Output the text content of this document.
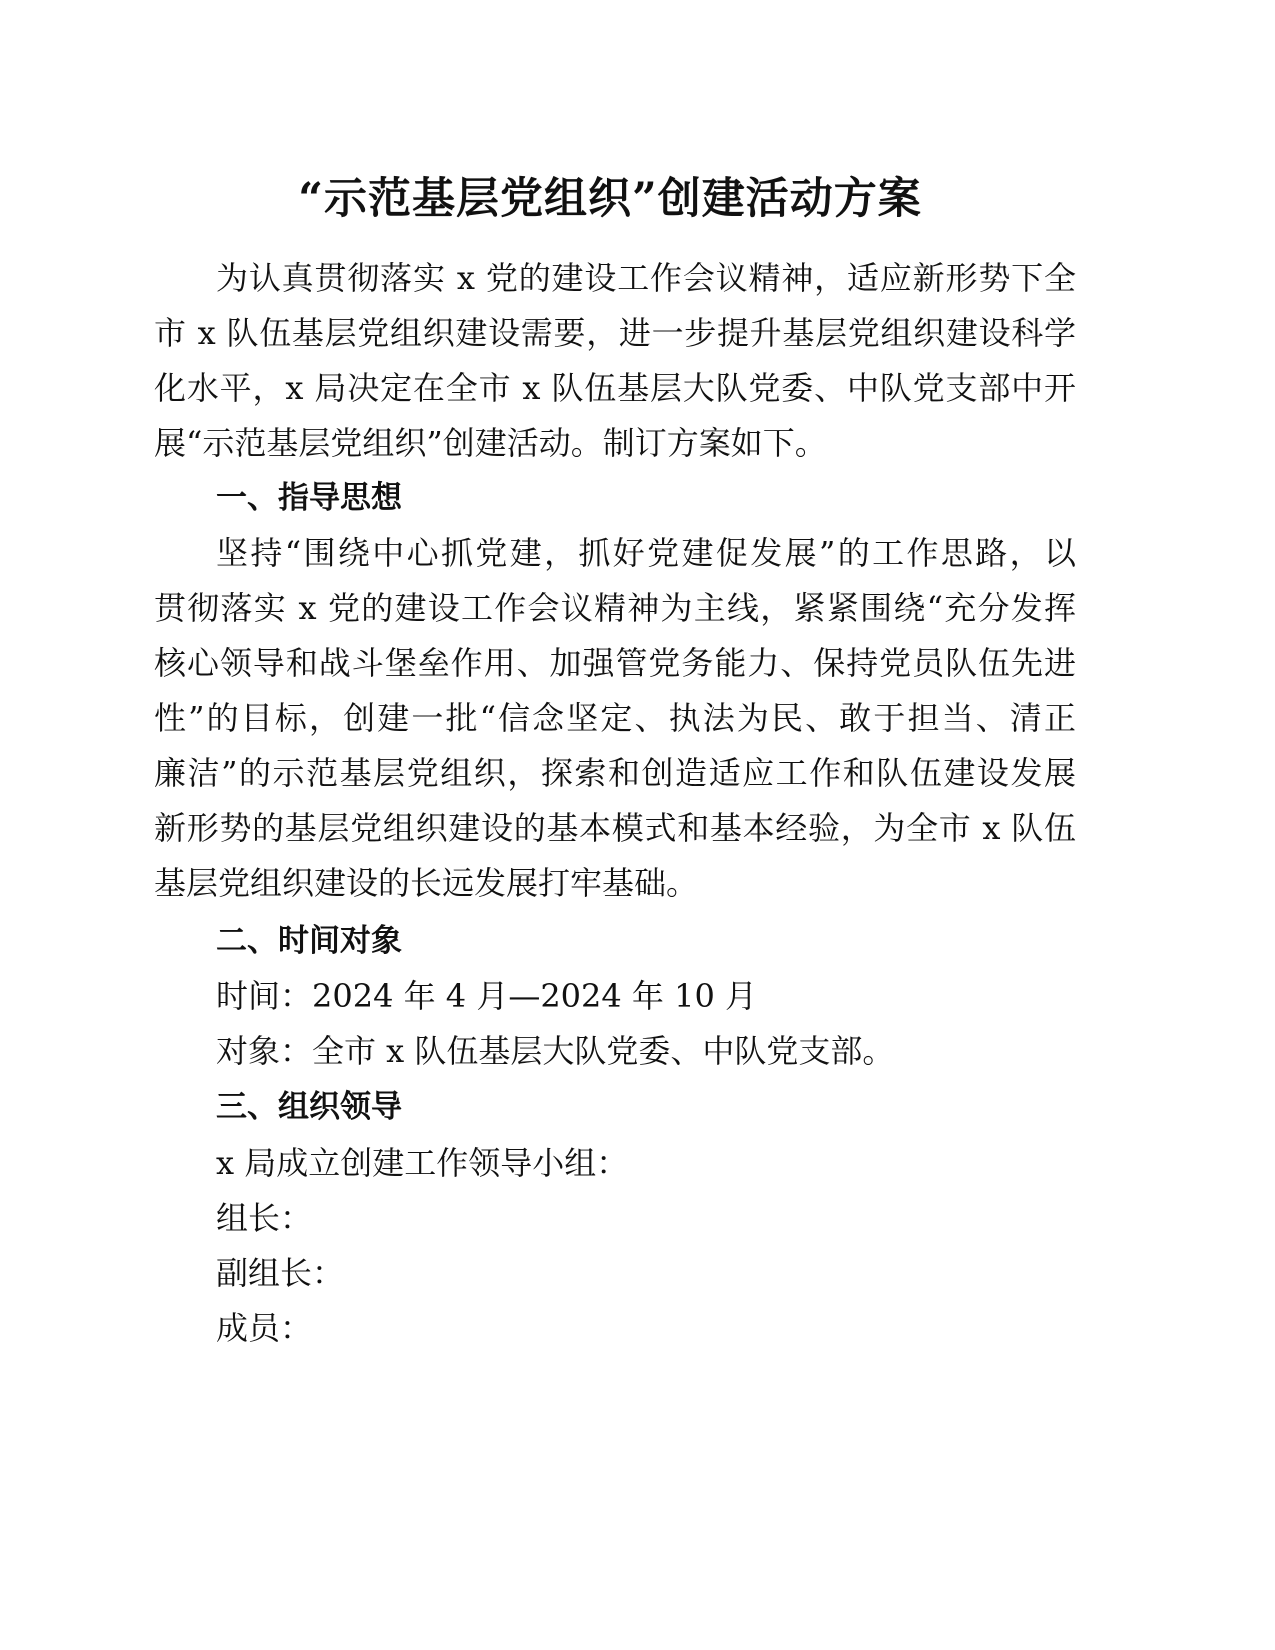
“示范基层党组织”创建活动方案
为认真贯彻落实 x 党的建设工作会议精神，适应新形势下全
市 x 队伍基层党组织建设需要，进一步提升基层党组织建设科学
化水平，x 局决定在全市 x 队伍基层大队党委、中队党支部中开
展“示范基层党组织”创建活动。制订方案如下。
一、指导思想
坚持“围绕中心抓党建，抓好党建促发展”的工作思路，以
贯彻落实 x 党的建设工作会议精神为主线，紧紧围绕“充分发挥
核心领导和战斗堡垒作用、加强管党务能力、保持党员队伍先进
性”的目标，创建一批“信念坚定、执法为民、敢于担当、清正
廉洁”的示范基层党组织，探索和创造适应工作和队伍建设发展
新形势的基层党组织建设的基本模式和基本经验，为全市 x 队伍
基层党组织建设的长远发展打牢基础。
二、时间对象
时间：2024 年 4 月—2024 年 10 月
对象：全市 x 队伍基层大队党委、中队党支部。
三、组织领导
x 局成立创建工作领导小组：
组长：
副组长：
成员：
